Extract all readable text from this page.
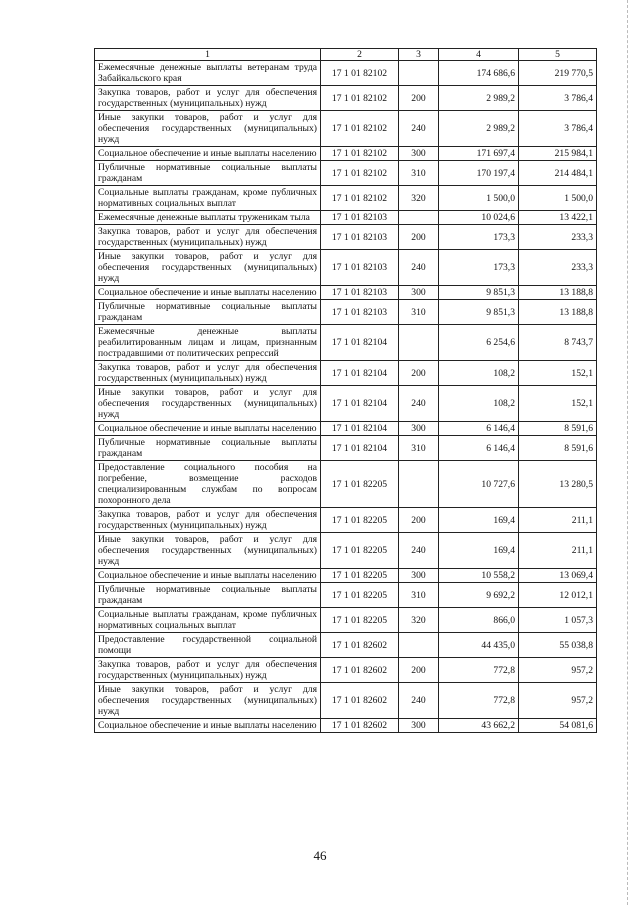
1	2	3	4	5
Ежемесячные денежные выплаты ветеранам труда Забайкальского края	17 1 01 82102		174 686,6	219 770,5
Закупка товаров, работ и услуг для обеспечения государственных (муниципальных) нужд	17 1 01 82102	200	2 989,2	3 786,4
Иные закупки товаров, работ и услуг для обеспечения государственных (муниципальных) нужд	17 1 01 82102	240	2 989,2	3 786,4
Социальное обеспечение и иные выплаты населению	17 1 01 82102	300	171 697,4	215 984,1
Публичные нормативные социальные выплаты гражданам	17 1 01 82102	310	170 197,4	214 484,1
Социальные выплаты гражданам, кроме публичных нормативных социальных выплат	17 1 01 82102	320	1 500,0	1 500,0
Ежемесячные денежные выплаты труженикам тыла	17 1 01 82103		10 024,6	13 422,1
Закупка товаров, работ и услуг для обеспечения государственных (муниципальных) нужд	17 1 01 82103	200	173,3	233,3
Иные закупки товаров, работ и услуг для обеспечения государственных (муниципальных) нужд	17 1 01 82103	240	173,3	233,3
Социальное обеспечение и иные выплаты населению	17 1 01 82103	300	9 851,3	13 188,8
Публичные нормативные социальные выплаты гражданам	17 1 01 82103	310	9 851,3	13 188,8
Ежемесячные денежные выплаты реабилитированным лицам и лицам, признанным пострадавшими от политических репрессий	17 1 01 82104		6 254,6	8 743,7
Закупка товаров, работ и услуг для обеспечения государственных (муниципальных) нужд	17 1 01 82104	200	108,2	152,1
Иные закупки товаров, работ и услуг для обеспечения государственных (муниципальных) нужд	17 1 01 82104	240	108,2	152,1
Социальное обеспечение и иные выплаты населению	17 1 01 82104	300	6 146,4	8 591,6
Публичные нормативные социальные выплаты гражданам	17 1 01 82104	310	6 146,4	8 591,6
Предоставление социального пособия на погребение, возмещение расходов специализированным службам по вопросам похоронного дела	17 1 01 82205		10 727,6	13 280,5
Закупка товаров, работ и услуг для обеспечения государственных (муниципальных) нужд	17 1 01 82205	200	169,4	211,1
Иные закупки товаров, работ и услуг для обеспечения государственных (муниципальных) нужд	17 1 01 82205	240	169,4	211,1
Социальное обеспечение и иные выплаты населению	17 1 01 82205	300	10 558,2	13 069,4
Публичные нормативные социальные выплаты гражданам	17 1 01 82205	310	9 692,2	12 012,1
Социальные выплаты гражданам, кроме публичных нормативных социальных выплат	17 1 01 82205	320	866,0	1 057,3
Предоставление государственной социальной помощи	17 1 01 82602		44 435,0	55 038,8
Закупка товаров, работ и услуг для обеспечения государственных (муниципальных) нужд	17 1 01 82602	200	772,8	957,2
Иные закупки товаров, работ и услуг для обеспечения государственных (муниципальных) нужд	17 1 01 82602	240	772,8	957,2
Социальное обеспечение и иные выплаты населению	17 1 01 82602	300	43 662,2	54 081,6
46
